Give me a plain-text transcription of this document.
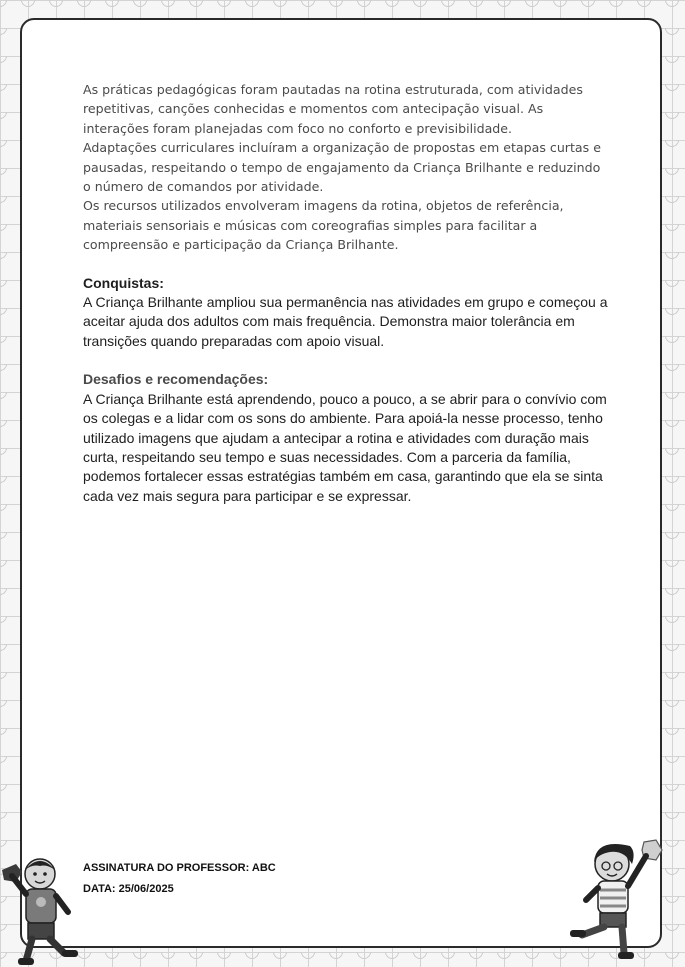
As práticas pedagógicas foram pautadas na rotina estruturada, com atividades repetitivas, canções conhecidas e momentos com antecipação visual. As interações foram planejadas com foco no conforto e previsibilidade.

Adaptações curriculares incluíram a organização de propostas em etapas curtas e pausadas, respeitando o tempo de engajamento da Criança Brilhante e reduzindo o número de comandos por atividade.

Os recursos utilizados envolveram imagens da rotina, objetos de referência, materiais sensoriais e músicas com coreografias simples para facilitar a compreensão e participação da Criança Brilhante.

Conquistas:

A Criança Brilhante ampliou sua permanência nas atividades em grupo e começou a aceitar ajuda dos adultos com mais frequência. Demonstra maior tolerância em transições quando preparadas com apoio visual.

Desafios e recomendações:

A Criança Brilhante está aprendendo, pouco a pouco, a se abrir para o convívio com os colegas e a lidar com os sons do ambiente. Para apoiá-la nesse processo, tenho utilizado imagens que ajudam a antecipar a rotina e atividades com duração mais curta, respeitando seu tempo e suas necessidades. Com a parceria da família, podemos fortalecer essas estratégias também em casa, garantindo que ela se sinta cada vez mais segura para participar e se expressar.

ASSINATURA DO PROFESSOR: ABC
DATA: 25/06/2025
